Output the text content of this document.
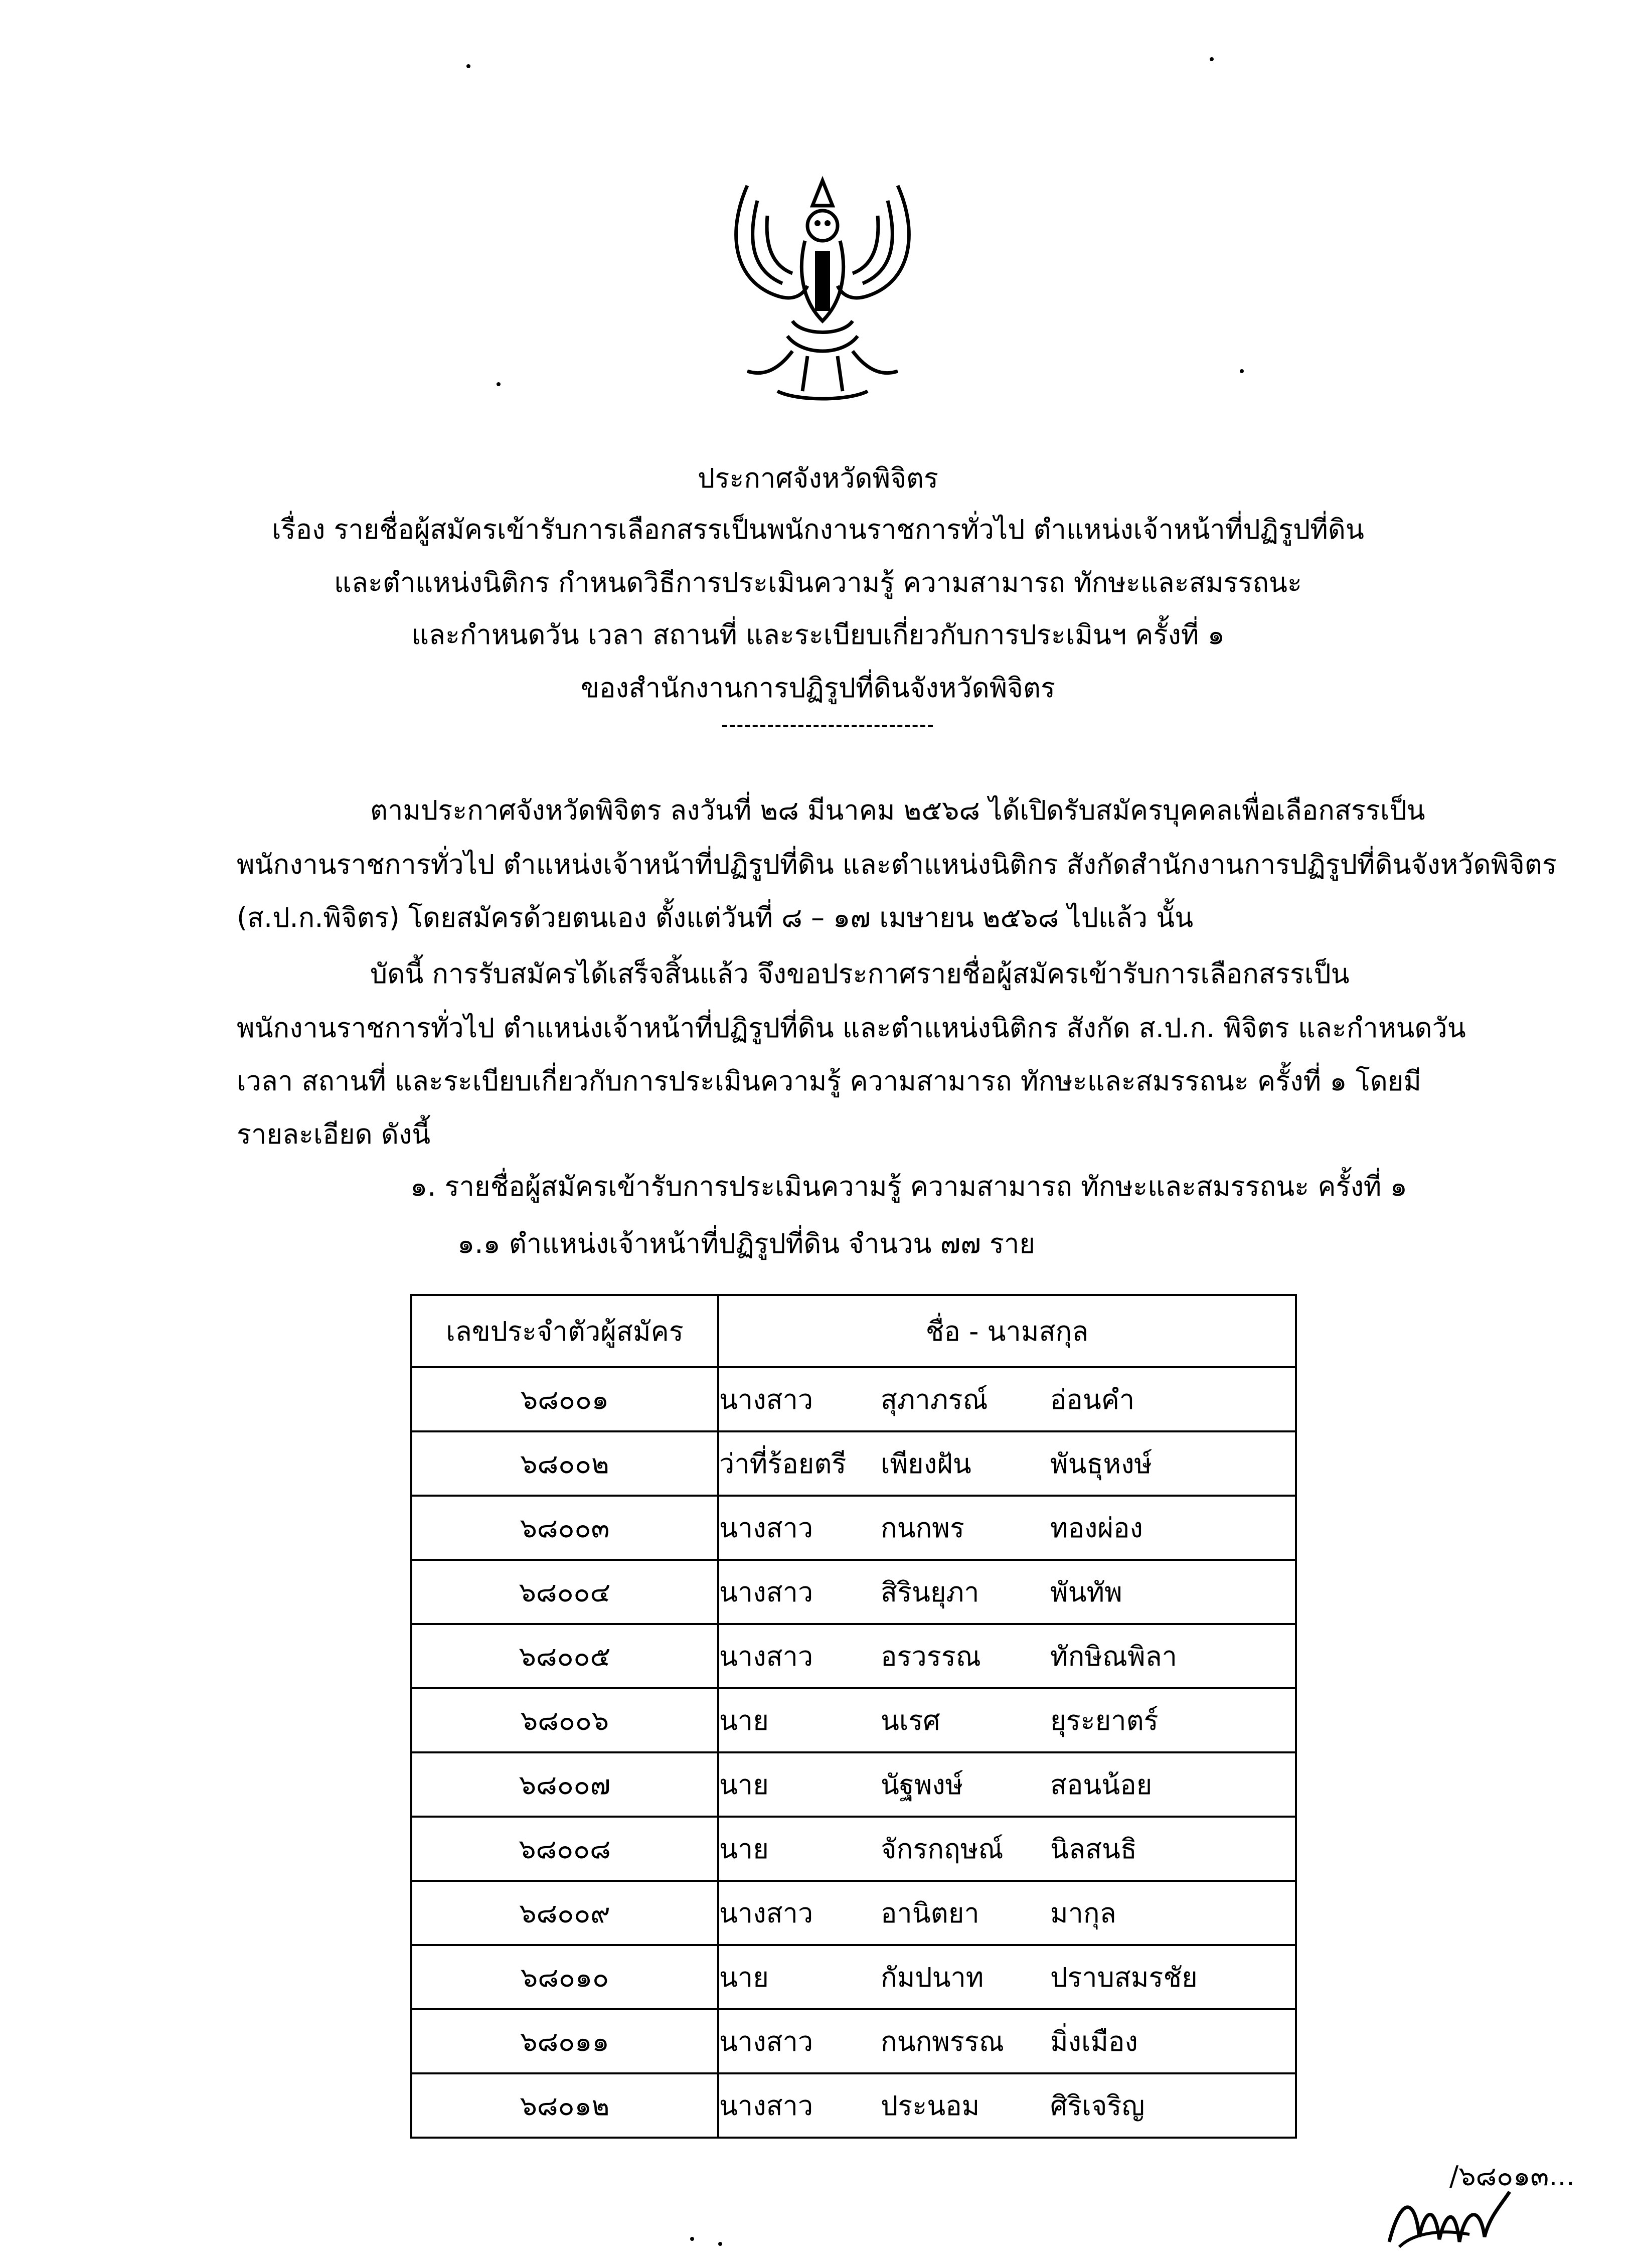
ประกาศจังหวัดพิจิตร
เรื่อง รายชื่อผู้สมัครเข้ารับการเลือกสรรเป็นพนักงานราชการทั่วไป ตำแหน่งเจ้าหน้าที่ปฏิรูปที่ดิน
และตำแหน่งนิติกร กำหนดวิธีการประเมินความรู้ ความสามารถ ทักษะและสมรรถนะ
และกำหนดวัน เวลา สถานที่ และระเบียบเกี่ยวกับการประเมินฯ ครั้งที่ ๑
ของสำนักงานการปฏิรูปที่ดินจังหวัดพิจิตร
ตามประกาศจังหวัดพิจิตร ลงวันที่ ๒๘ มีนาคม ๒๕๖๘ ได้เปิดรับสมัครบุคคลเพื่อเลือกสรรเป็น
พนักงานราชการทั่วไป ตำแหน่งเจ้าหน้าที่ปฏิรูปที่ดิน และตำแหน่งนิติกร สังกัดสำนักงานการปฏิรูปที่ดินจังหวัดพิจิตร
(ส.ป.ก.พิจิตร) โดยสมัครด้วยตนเอง ตั้งแต่วันที่ ๘ – ๑๗ เมษายน ๒๕๖๘ ไปแล้ว นั้น
บัดนี้ การรับสมัครได้เสร็จสิ้นแล้ว จึงขอประกาศรายชื่อผู้สมัครเข้ารับการเลือกสรรเป็น
พนักงานราชการทั่วไป ตำแหน่งเจ้าหน้าที่ปฏิรูปที่ดิน และตำแหน่งนิติกร สังกัด ส.ป.ก. พิจิตร และกำหนดวัน
เวลา สถานที่ และระเบียบเกี่ยวกับการประเมินความรู้ ความสามารถ ทักษะและสมรรถนะ ครั้งที่ ๑ โดยมี
รายละเอียด ดังนี้
๑. รายชื่อผู้สมัครเข้ารับการประเมินความรู้ ความสามารถ ทักษะและสมรรถนะ ครั้งที่ ๑
๑.๑ ตำแหน่งเจ้าหน้าที่ปฏิรูปที่ดิน จำนวน ๗๗ ราย
เลขประจำตัวผู้สมัคร	ชื่อ - นามสกุล
๖๘๐๐๑	นางสาว สุภาภรณ์ อ่อนคำ
๖๘๐๐๒	ว่าที่ร้อยตรี เพียงฝัน พันธุหงษ์
๖๘๐๐๓	นางสาว กนกพร ทองผ่อง
๖๘๐๐๔	นางสาว สิรินยุภา พันทัพ
๖๘๐๐๕	นางสาว อรวรรณ ทักษิณพิลา
๖๘๐๐๖	นาย นเรศ ยุระยาตร์
๖๘๐๐๗	นาย นัฐพงษ์ สอนน้อย
๖๘๐๐๘	นาย จักรกฤษณ์ นิลสนธิ
๖๘๐๐๙	นางสาว อานิตยา มากุล
๖๘๐๑๐	นาย กัมปนาท ปราบสมรชัย
๖๘๐๑๑	นางสาว กนกพรรณ มิ่งเมือง
๖๘๐๑๒	นางสาว ประนอม ศิริเจริญ
/๖๘๐๑๓...
